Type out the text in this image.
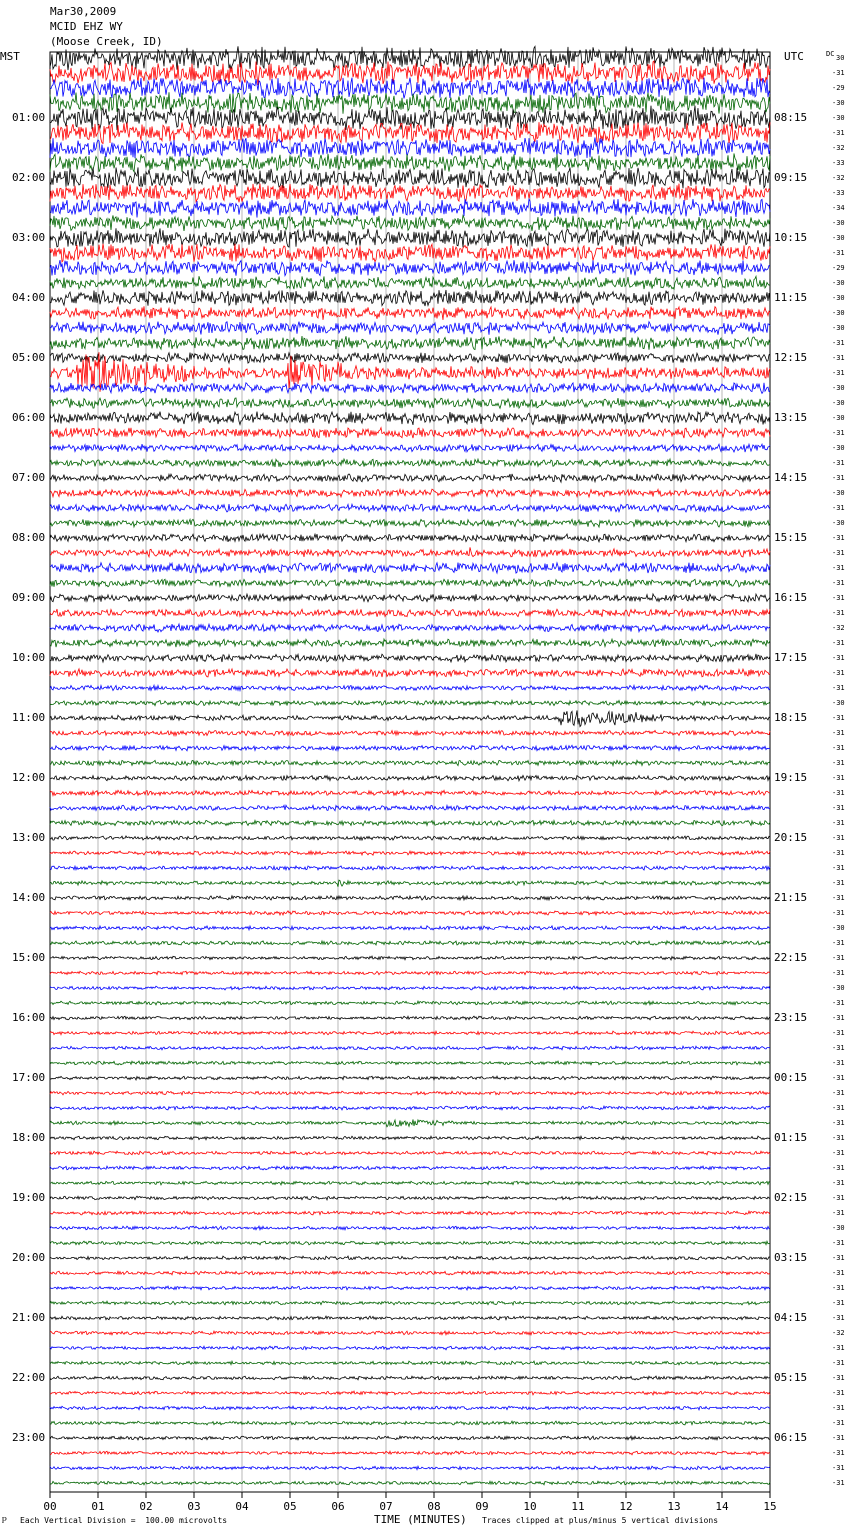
00	01	02	03	04	05	06	07	08	09	10	11	12	13	14	15
Mar30,2009
MCID EHZ WY
(Moose Creek, ID)
MST	UTC	DC
01:00
02:00
03:00
04:00
05:00
06:00
07:00
08:00
09:00
10:00
11:00
12:00
13:00
14:00
15:00
16:00
17:00
18:00
19:00
20:00
21:00
22:00
23:00
08:15
09:15
10:15
11:15
12:15
13:15
14:15
15:15
16:15
17:15
18:15
19:15
20:15
21:15
22:15
23:15
00:15
01:15
02:15
03:15
04:15
05:15
06:15
30
-31
-29
-30
-30
-31
-32
-33
-32
-33
-34
-30
-30
-31
-29
-30
-30
-30
-30
-31
-31
-31
-30
-30
-30
-31
-30
-31
-31
-30
-31
-30
-31
-31
-31
-31
-31
-31
-32
-31
-31
-31
-31
-30
-31
-31
-31
-31
-31
-31
-31
-31
-31
-31
-31
-31
-31
-31
-30
-31
-31
-31
-30
-31
-31
-31
-31
-31
-31
-31
-31
-31
-31
-31
-31
-31
-31
-31
-30
-31
-31
-31
-31
-31
-31
-32
-31
-31
-31
-31
-31
-31
-31
-31
-31
-31
ℙ Each Vertical Division =  100.00 microvolts	TIME (MINUTES) Traces clipped at plus/minus 5 vertical divisions
